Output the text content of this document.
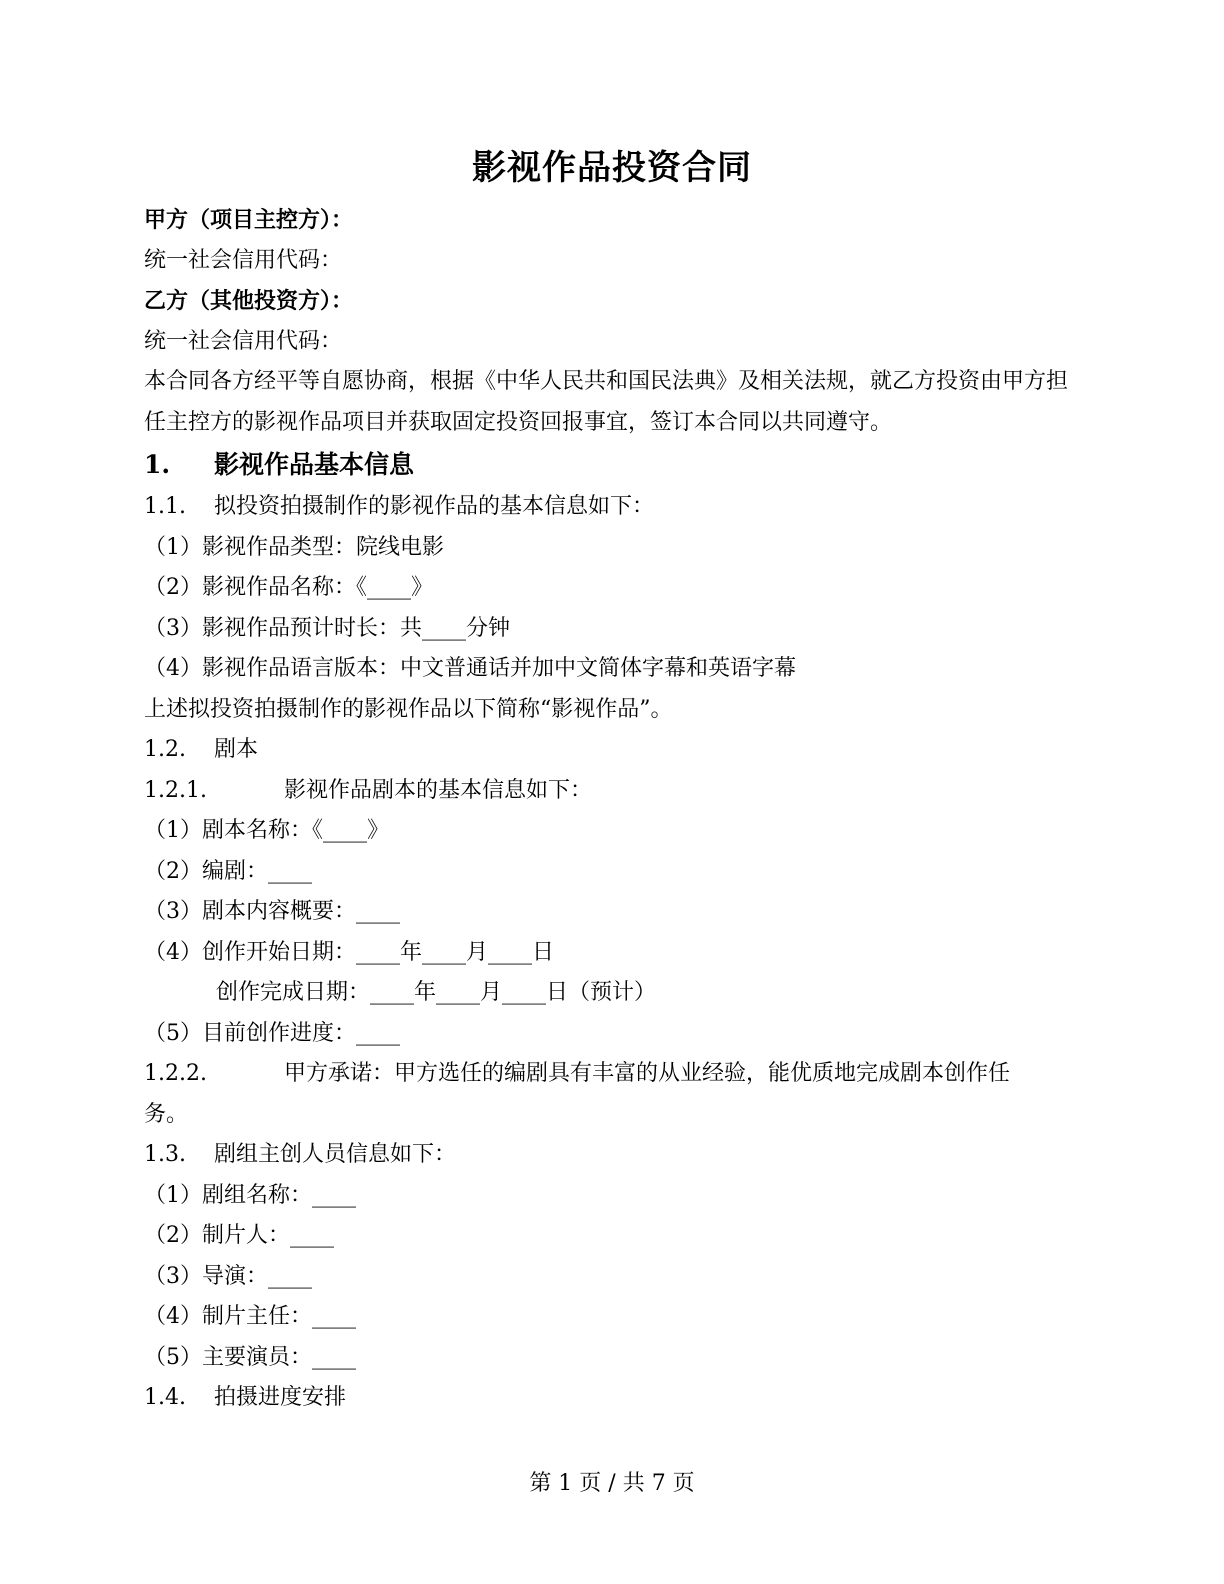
影视作品投资合同
甲方（项目主控方）：
统一社会信用代码：
乙方（其他投资方）：
统一社会信用代码：
本合同各方经平等自愿协商，根据《中华人民共和国民法典》及相关法规，就乙方投资由甲方担任主控方的影视作品项目并获取固定投资回报事宜，签订本合同以共同遵守。
1. 影视作品基本信息
1.1. 拟投资拍摄制作的影视作品的基本信息如下：
（1）影视作品类型：院线电影
（2）影视作品名称：《____》
（3）影视作品预计时长：共____分钟
（4）影视作品语言版本：中文普通话并加中文简体字幕和英语字幕
上述拟投资拍摄制作的影视作品以下简称“影视作品”。
1.2. 剧本
1.2.1.	影视作品剧本的基本信息如下：
（1）剧本名称：《____》
（2）编剧：____
（3）剧本内容概要：____
（4）创作开始日期：____年____月____日
创作完成日期：____年____月____日（预计）
（5）目前创作进度：____
1.2.2.	甲方承诺：甲方选任的编剧具有丰富的从业经验，能优质地完成剧本创作任
务。
1.3. 剧组主创人员信息如下：
（1）剧组名称：____
（2）制片人：____
（3）导演：____
（4）制片主任：____
（5）主要演员：____
1.4. 拍摄进度安排
第 1 页 / 共 7 页
